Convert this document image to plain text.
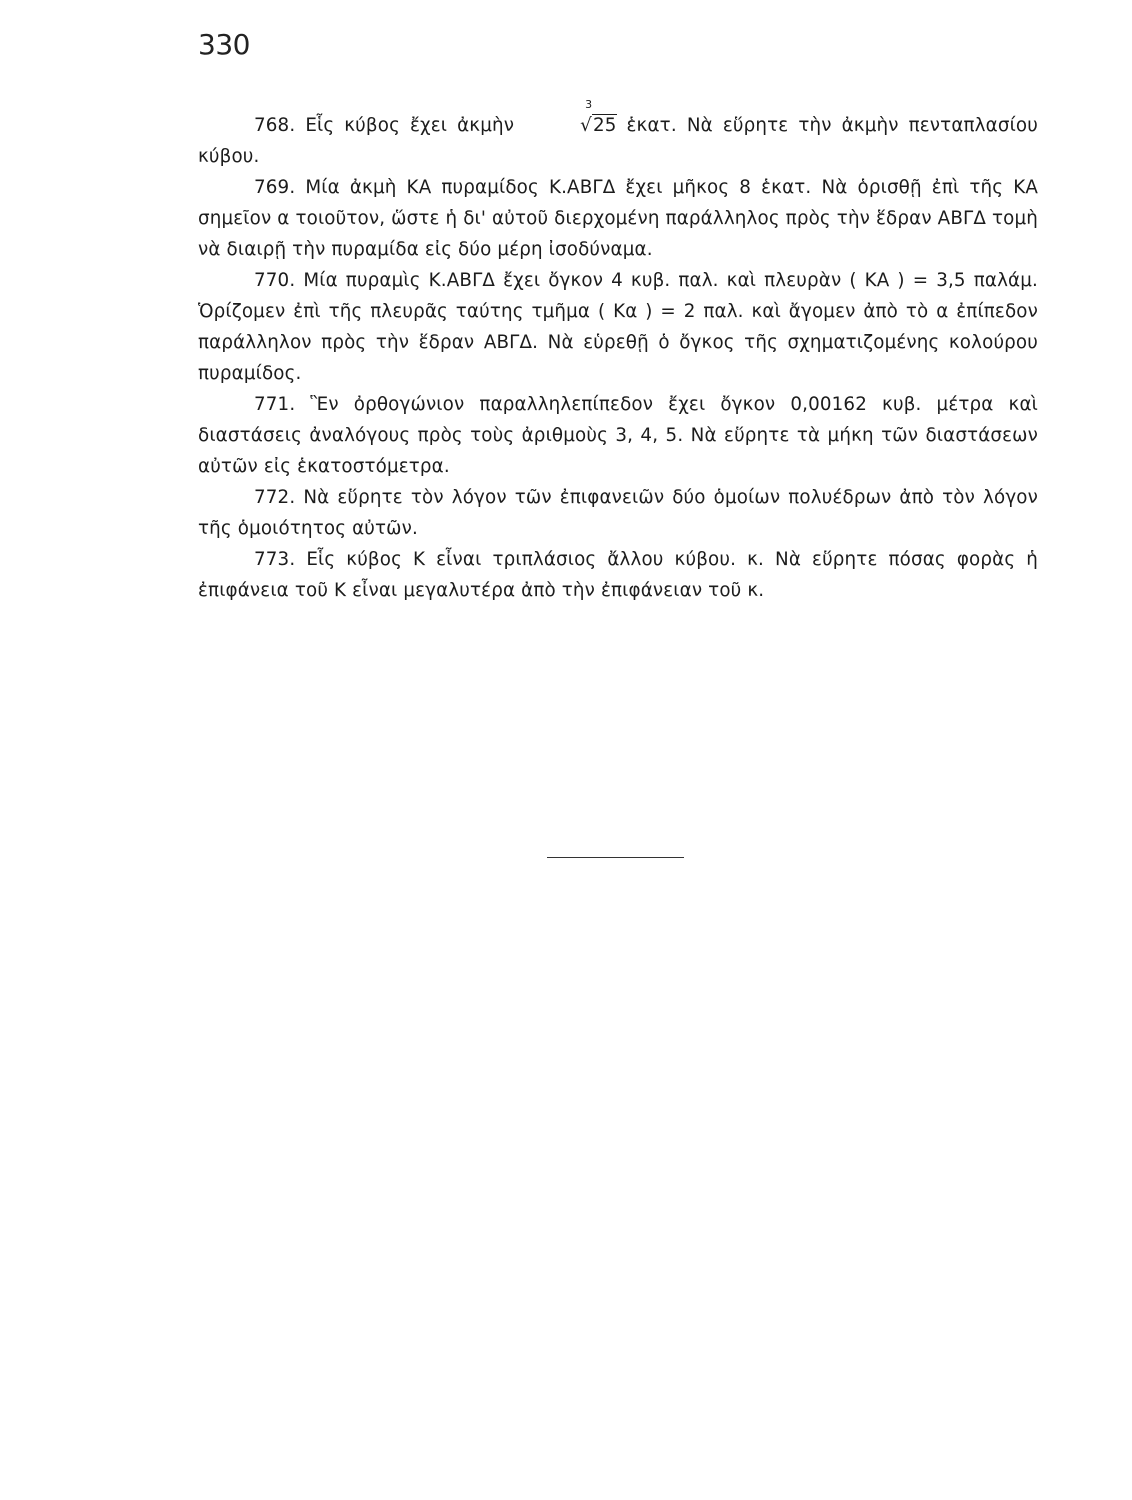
330

768. Εἷς κύβος ἔχει ἀκμὴν
3
√25 ἑκατ. Νὰ εὕρητε τὴν ἀκμὴν πενταπλασίου κύβου.

769. Μία ἀκμὴ ΚΑ πυραμίδος Κ.ΑΒΓΔ ἔχει μῆκος 8 ἑκατ. Νὰ ὁρισθῇ ἐπὶ τῆς ΚΑ σημεῖον α τοιοῦτον, ὥστε ἡ δι' αὐτοῦ διερχομένη παράλληλος πρὸς τὴν ἕδραν ΑΒΓΔ τομὴ νὰ διαιρῇ τὴν πυραμίδα εἰς δύο μέρη ἰσοδύναμα.

770. Μία πυραμὶς Κ.ΑΒΓΔ ἔχει ὄγκον 4 κυβ. παλ. καὶ πλευρὰν ( ΚΑ ) = 3,5 παλάμ. Ὁρίζομεν ἐπὶ τῆς πλευρᾶς ταύτης τμῆμα ( Κα ) = 2 παλ. καὶ ἄγομεν ἀπὸ τὸ α ἐπίπεδον παράλληλον πρὸς τὴν ἕδραν ΑΒΓΔ. Νὰ εὑρεθῇ ὁ ὄγκος τῆς σχηματιζομένης κολούρου πυραμίδος.

771. Ἓν ὀρθογώνιον παραλληλεπίπεδον ἔχει ὄγκον 0,00162 κυβ. μέτρα καὶ διαστάσεις ἀναλόγους πρὸς τοὺς ἀριθμοὺς 3, 4, 5. Νὰ εὕρητε τὰ μήκη τῶν διαστάσεων αὐτῶν εἰς ἑκατοστόμετρα.

772. Νὰ εὕρητε τὸν λόγον τῶν ἐπιφανειῶν δύο ὁμοίων πολυέδρων ἀπὸ τὸν λόγον τῆς ὁμοιότητος αὐτῶν.

773. Εἷς κύβος Κ εἶναι τριπλάσιος ἄλλου κύβου. κ. Νὰ εὕρητε πόσας φορὰς ἡ ἐπιφάνεια τοῦ Κ εἶναι μεγαλυτέρα ἀπὸ τὴν ἐπιφάνειαν τοῦ κ.
